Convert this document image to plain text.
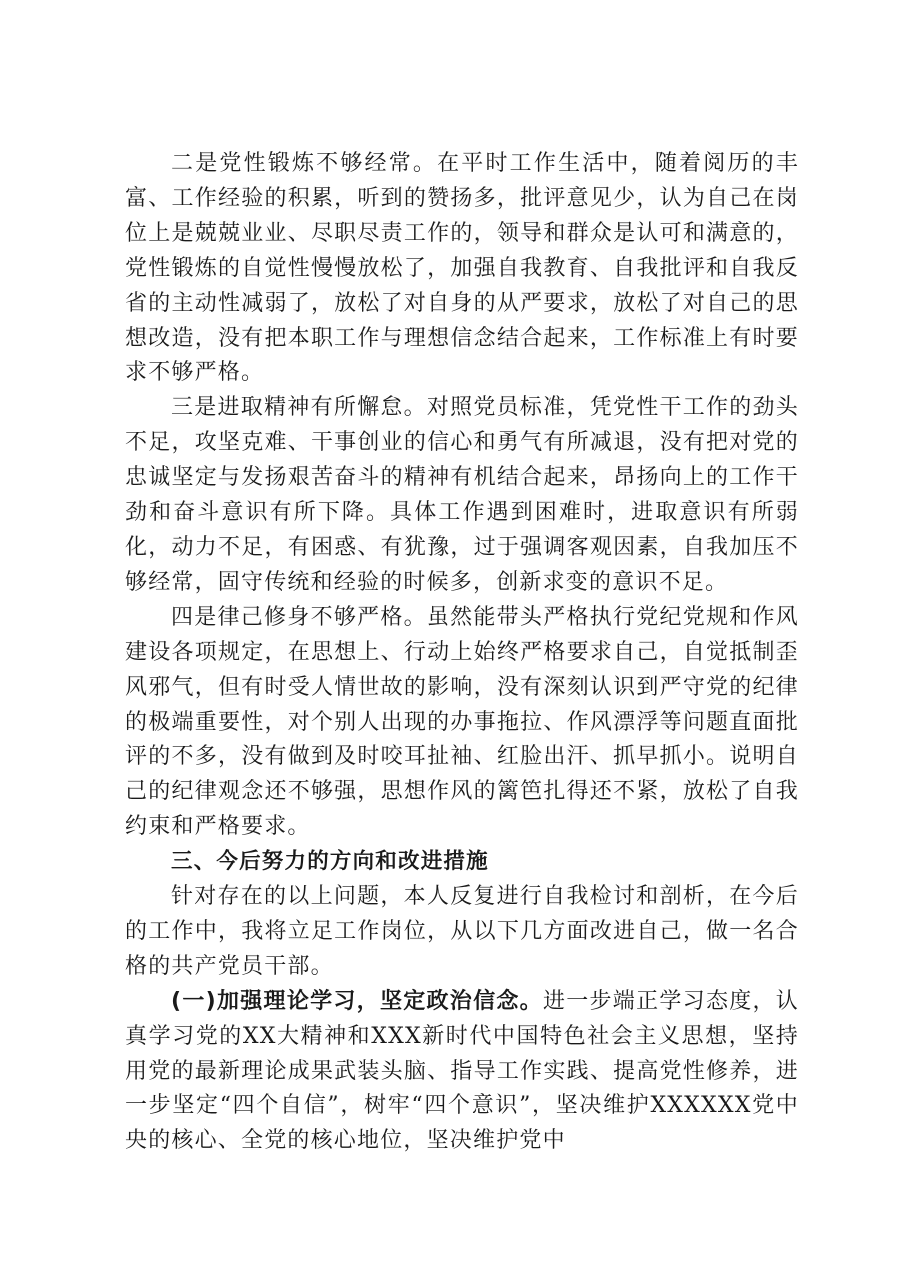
二是党性锻炼不够经常。在平时工作生活中，随着阅历的丰富、工作经验的积累，听到的赞扬多，批评意见少，认为自己在岗位上是兢兢业业、尽职尽责工作的，领导和群众是认可和满意的，党性锻炼的自觉性慢慢放松了，加强自我教育、自我批评和自我反省的主动性减弱了，放松了对自身的从严要求，放松了对自己的思想改造，没有把本职工作与理想信念结合起来，工作标准上有时要求不够严格。

三是进取精神有所懈怠。对照党员标准，凭党性干工作的劲头不足，攻坚克难、干事创业的信心和勇气有所减退，没有把对党的忠诚坚定与发扬艰苦奋斗的精神有机结合起来，昂扬向上的工作干劲和奋斗意识有所下降。具体工作遇到困难时，进取意识有所弱化，动力不足，有困惑、有犹豫，过于强调客观因素，自我加压不够经常，固守传统和经验的时候多，创新求变的意识不足。

四是律己修身不够严格。虽然能带头严格执行党纪党规和作风建设各项规定，在思想上、行动上始终严格要求自己，自觉抵制歪风邪气，但有时受人情世故的影响，没有深刻认识到严守党的纪律的极端重要性，对个别人出现的办事拖拉、作风漂浮等问题直面批评的不多，没有做到及时咬耳扯袖、红脸出汗、抓早抓小。说明自己的纪律观念还不够强，思想作风的篱笆扎得还不紧，放松了自我约束和严格要求。

三、今后努力的方向和改进措施

针对存在的以上问题，本人反复进行自我检讨和剖析，在今后的工作中，我将立足工作岗位，从以下几方面改进自己，做一名合格的共产党员干部。

(一)加强理论学习，坚定政治信念。进一步端正学习态度，认真学习党的XX大精神和XXX新时代中国特色社会主义思想，坚持用党的最新理论成果武装头脑、指导工作实践、提高党性修养，进一步坚定“四个自信”，树牢“四个意识”，坚决维护XXXXXX党中央的核心、全党的核心地位，坚决维护党中
